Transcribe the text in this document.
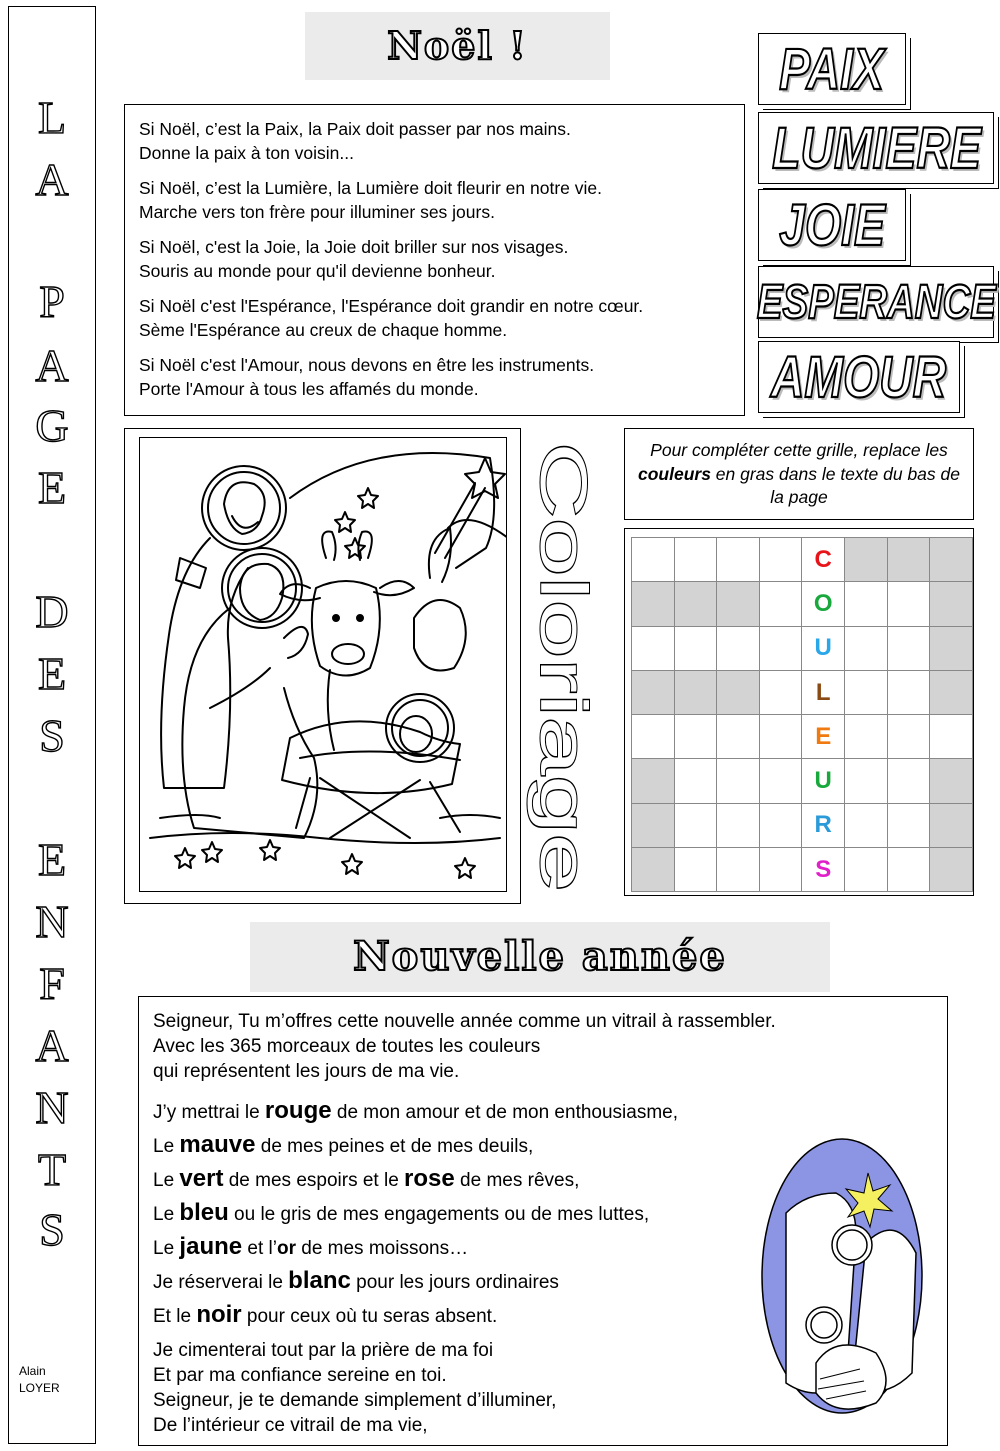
L
A
P
A
G
E
D
E
S
E
N
F
A
N
T
S
Alain
LOYER
Noël !

Si Noël, c’est la Paix, la Paix doit passer par nos mains.
Donne la paix à ton voisin...

Si Noël, c’est la Lumière, la Lumière doit fleurir en notre vie.
Marche vers ton frère pour illuminer ses jours.

Si Noël, c'est la Joie, la Joie doit briller sur nos visages.
Souris au monde pour qu'il devienne bonheur.

Si Noël c'est l'Espérance, l'Espérance doit grandir en notre cœur.
Sème l'Espérance au creux de chaque homme.

Si Noël c'est l'Amour, nous devons en être les instruments.
Porte l'Amour à tous les affamés du monde.

PAIX
LUMIERE
JOIE
ESPERANCE
AMOUR
Coloriage	Pour compléter cette grille, replace les couleurs en gras dans le texte du bas de la page
				C			
				O			
				U			
				L			
				E			
				U			
				R			
				S			
Nouvelle année
Seigneur, Tu m’offres cette nouvelle année comme un vitrail à rassembler.
Avec les 365 morceaux de toutes les couleurs
qui représentent les jours de ma vie.
J’y mettrai le rouge de mon amour et de mon enthousiasme,
Le mauve de mes peines et de mes deuils,
Le vert de mes espoirs et le rose de mes rêves,
Le bleu ou le gris de mes engagements ou de mes luttes,
Le jaune et l’or de mes moissons…
Je réserverai le blanc pour les jours ordinaires
Et le noir pour ceux où tu seras absent.
Je cimenterai tout par la prière de ma foi
Et par ma confiance sereine en toi.
Seigneur, je te demande simplement d’illuminer,
De l’intérieur ce vitrail de ma vie,
